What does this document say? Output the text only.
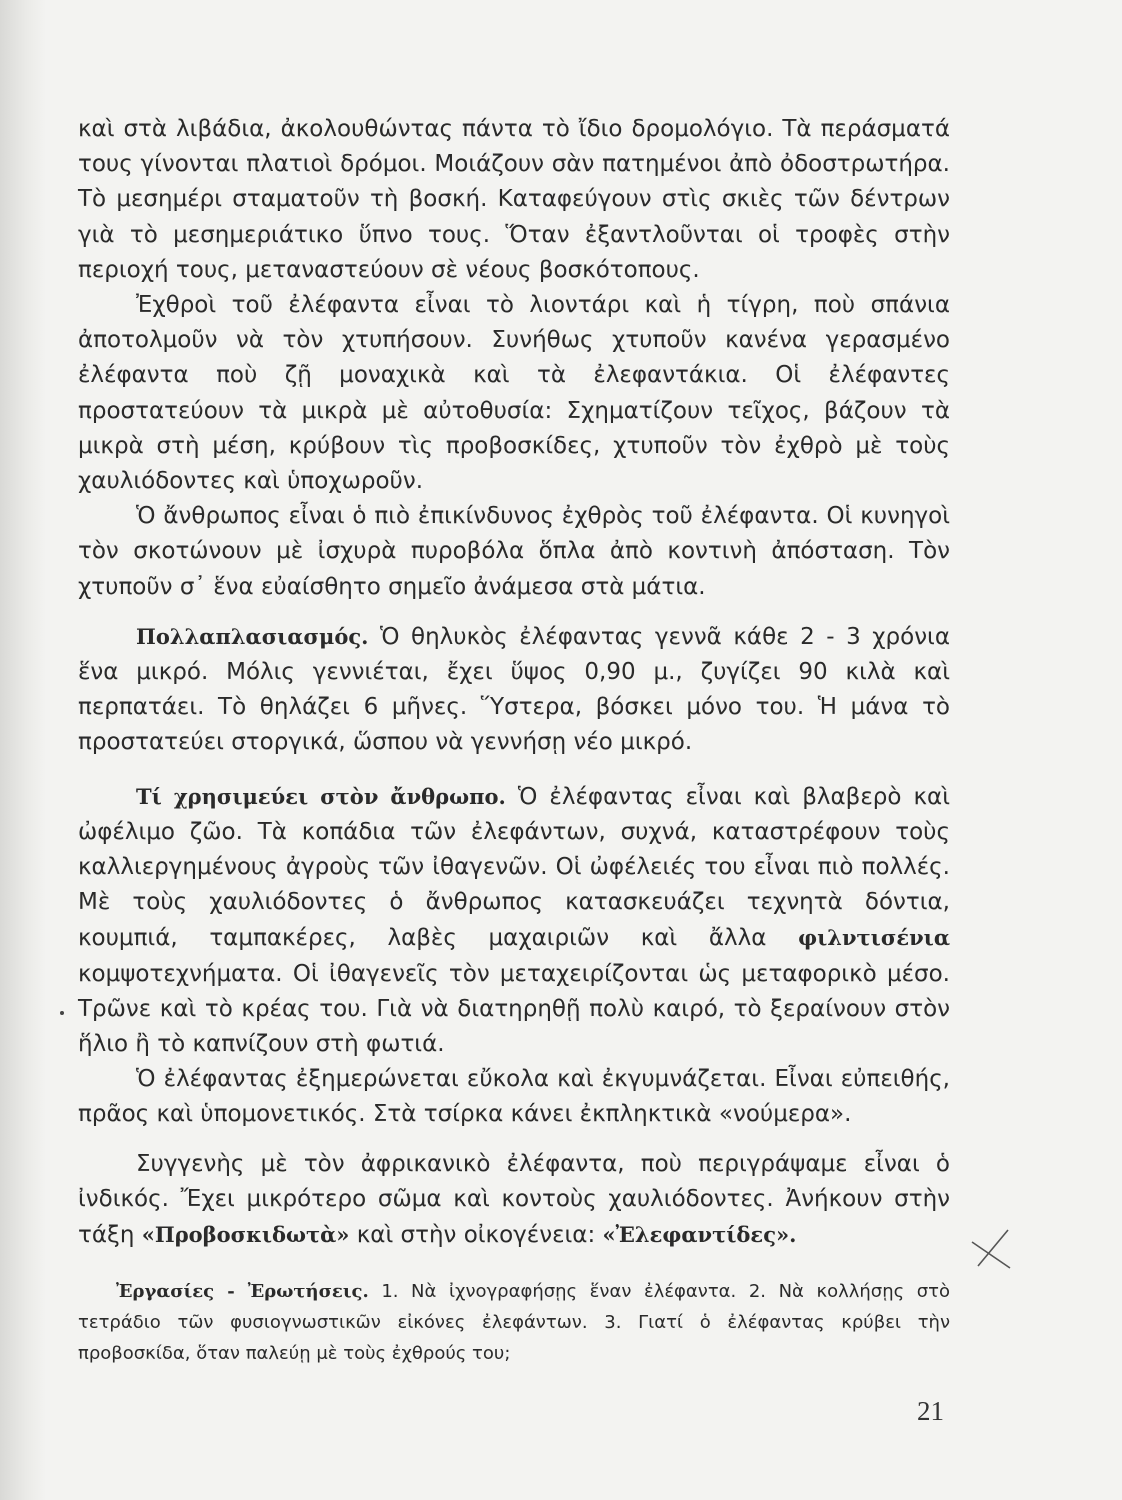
καὶ στὰ λιβάδια, ἀκολουθώντας πάντα τὸ ἴδιο δρομολόγιο. Τὰ περάσματά τους γίνονται πλατιοὶ δρόμοι. Μοιάζουν σὰν πατημένοι ἀπὸ ὀδοστρωτήρα. Τὸ μεσημέρι σταματοῦν τὴ βοσκή. Καταφεύγουν στὶς σκιὲς τῶν δέντρων γιὰ τὸ μεσημεριάτικο ὕπνο τους. Ὅταν ἐξαντλοῦνται οἱ τροφὲς στὴν περιοχή τους, μεταναστεύουν σὲ νέους βοσκότοπους.

Ἐχθροὶ τοῦ ἐλέφαντα εἶναι τὸ λιοντάρι καὶ ἡ τίγρη, ποὺ σπάνια ἀποτολμοῦν νὰ τὸν χτυπήσουν. Συνήθως χτυποῦν κανένα γερασμένο ἐλέφαντα ποὺ ζῇ μοναχικὰ καὶ τὰ ἐλεφαντάκια. Οἱ ἐλέφαντες προστατεύουν τὰ μικρὰ μὲ αὐτοθυσία: Σχηματίζουν τεῖχος, βάζουν τὰ μικρὰ στὴ μέση, κρύβουν τὶς προβοσκίδες, χτυποῦν τὸν ἐχθρὸ μὲ τοὺς χαυλιόδοντες καὶ ὑποχωροῦν.

Ὁ ἄνθρωπος εἶναι ὁ πιὸ ἐπικίνδυνος ἐχθρὸς τοῦ ἐλέφαντα. Οἱ κυνηγοὶ τὸν σκοτώνουν μὲ ἰσχυρὰ πυροβόλα ὅπλα ἀπὸ κοντινὴ ἀπόσταση. Τὸν χτυποῦν σ᾿ ἕνα εὐαίσθητο σημεῖο ἀνάμεσα στὰ μάτια.

Πολλαπλασιασμός. Ὁ θηλυκὸς ἐλέφαντας γεννᾶ κάθε 2 - 3 χρόνια ἕνα μικρό. Μόλις γεννιέται, ἔχει ὕψος 0,90 μ., ζυγίζει 90 κιλὰ καὶ περπατάει. Τὸ θηλάζει 6 μῆνες. Ὕστερα, βόσκει μόνο του. Ἡ μάνα τὸ προστατεύει στοργικά, ὥσπου νὰ γεννήσῃ νέο μικρό.

Τί χρησιμεύει στὸν ἄνθρωπο. Ὁ ἐλέφαντας εἶναι καὶ βλαβερὸ καὶ ὠφέλιμο ζῶο. Τὰ κοπάδια τῶν ἐλεφάντων, συχνά, καταστρέφουν τοὺς καλλιεργημένους ἀγροὺς τῶν ἰθαγενῶν. Οἱ ὠφέλειές του εἶναι πιὸ πολλές. Μὲ τοὺς χαυλιόδοντες ὁ ἄνθρωπος κατασκευάζει τεχνητὰ δόντια, κουμπιά, ταμπακέρες, λαβὲς μαχαιριῶν καὶ ἄλλα φιλντισένια κομψοτεχνήματα. Οἱ ἰθαγενεῖς τὸν μεταχειρίζονται ὡς μεταφορικὸ μέσο. Τρῶνε καὶ τὸ κρέας του. Γιὰ νὰ διατηρηθῇ πολὺ καιρό, τὸ ξεραίνουν στὸν ἥλιο ἢ τὸ καπνίζουν στὴ φωτιά.

Ὁ ἐλέφαντας ἐξημερώνεται εὔκολα καὶ ἐκγυμνάζεται. Εἶναι εὐπειθής, πρᾶος καὶ ὑπομονετικός. Στὰ τσίρκα κάνει ἐκπληκτικὰ «νούμερα».

Συγγενὴς μὲ τὸν ἀφρικανικὸ ἐλέφαντα, ποὺ περιγράψαμε εἶναι ὁ ἰνδικός. Ἔχει μικρότερο σῶμα καὶ κοντοὺς χαυλιόδοντες. Ἀνήκουν στὴν τάξη «Προβοσκιδωτὰ» καὶ στὴν οἰκογένεια: «Ἐλεφαντίδες».

Ἐργασίες - Ἐρωτήσεις. 1. Νὰ ἰχνογραφήσῃς ἕναν ἐλέφαντα. 2. Νὰ κολλήσῃς στὸ τετράδιο τῶν φυσιογνωστικῶν εἰκόνες ἐλεφάντων. 3. Γιατί ὁ ἐλέφαντας κρύβει τὴν προβοσκίδα, ὅταν παλεύῃ μὲ τοὺς ἐχθρούς του;
21
